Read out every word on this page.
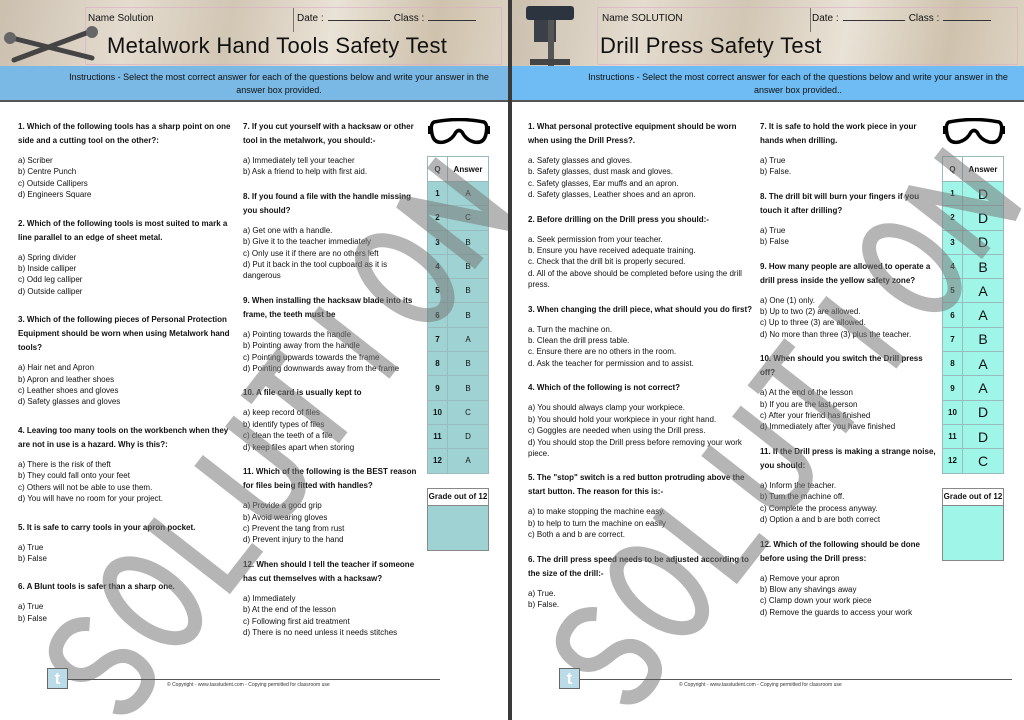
Name Solution	Date :	Class :
Metalwork Hand Tools Safety Test
Instructions - Select the most correct answer for each of the questions below and write your answer in the answer box provided.
1. Which of the following tools has a sharp point on one side and a cutting tool on the other?:
a) Scriber
b) Centre Punch
c) Outside Callipers
d) Engineers Square
2. Which of the following tools is most suited to mark a line parallel to an edge of sheet metal.
a) Spring divider
b) Inside calliper
c) Odd leg calliper
d) Outside calliper
3. Which of the following pieces of Personal Protection Equipment should be worn when using Metalwork hand tools?
a) Hair net and Apron
b) Apron and leather shoes
c) Leather shoes and gloves
d) Safety glasses and gloves
4. Leaving too many tools on the workbench when they are not in use is a hazard. Why is this?:
a) There is the risk of theft
b) They could fall onto your feet
c) Others will not be able to use them.
d) You will have no room for your project.
5. It is safe to carry tools in your apron pocket.
a) True
b) False
6. A Blunt tools is safer than a sharp one.
a) True
b) False
7. If you cut yourself with a hacksaw or other tool in the metalwork, you should:-
a) Immediately tell your teacher
b) Ask a friend to help with first aid.
8. If you found a file with the handle missing you should?
a) Get one with a handle.
b) Give it to the teacher immediately
c) Only use it if there are no others left
d) Put it back in the tool cupboard as it is dangerous
9. When installing the hacksaw blade into its frame, the teeth must be
a) Pointing towards the handle
b) Pointing away from the handle
c) Pointing upwards towards the frame
d) Pointing downwards away from the frame
10. A file card is usually kept to
a) keep record of files
b) identify types of files
c) clean the teeth of a file
d) keep files apart when storing
11. Which of the following is the BEST reason for files being fitted with handles?
a) Provide a good grip
b) Avoid wearing gloves
c) Prevent the tang from rust
d) Prevent injury to the hand
12. When should I tell the teacher if someone has cut themselves with a hacksaw?
a) Immediately
b) At the end of the lesson
c) Following first aid treatment
d) There is no need unless it needs stitches
Q	Answer
1	A
2	C
3	B
4	B
5	B
6	B
7	A
8	B
9	B
10	C
11	D
12	A
Grade out of 12
t	© Copyright - www.tasstudent.com - Copying permitted for classroom use
Name SOLUTION	Date :	Class :
Drill Press Safety Test
Instructions - Select the most correct answer for each of the questions below and write your answer in the answer box provided..
1. What personal protective equipment should be worn when using the Drill Press?.
a. Safety glasses and gloves.
b. Safety glasses, dust mask and gloves.
c. Safety glasses, Ear muffs and an apron.
d. Safety glasses, Leather shoes and an apron.
2. Before drilling on the Drill press you should:-
a. Seek permission from your teacher.
b. Ensure you have received adequate training.
c. Check that the drill bit is properly secured.
d. All of the above should be completed before using the drill press.
3. When changing the drill piece, what should you do first?
a. Turn the machine on.
b. Clean the drill press table.
c. Ensure there are no others in the room.
d. Ask the teacher for permission and to assist.
4. Which of the following is not correct?
a) You should always clamp your workpiece.
b) You should hold your workpiece in your right hand.
c) Goggles are needed when using the Drill press.
d) You should stop the Drill press before removing your work piece.
5. The "stop" switch is a red button protruding above the start button. The reason for this is:-
a) to make stopping the machine easy.
b) to help to turn the machine on easily
c) Both a and b are correct.
6. The drill press speed needs to be adjusted according to the size of the drill:-
a) True.
b) False.
7. It is safe to hold the work piece in your hands when drilling.
a) True
b) False.
8. The drill bit will burn your fingers if you touch it after drilling?
a) True
b) False
9. How many people are allowed to operate a drill press inside the yellow safety zone?
a) One (1) only.
b) Up to two (2) are allowed.
c) Up to three (3) are allowed.
d) No more than three (3) plus the teacher.
10. When should you switch the Drill press off?
a) At the end of the lesson
b) If you are the last person
c) After your friend has finished
d) Immediately after you have finished
11. If the Drill press is making a strange noise, you should:
a) Inform the teacher.
b) Turn the machine off.
c) Complete the process anyway.
d) Option a and b are both correct
12. Which of the following should be done before using the Drill press:
a) Remove your apron
b) Blow any shavings away
c) Clamp down your work piece
d) Remove the guards to access your work
Q	Answer
1	D
2	D
3	D
4	B
5	A
6	A
7	B
8	A
9	A
10	D
11	D
12	C
Grade out of 12
t	© Copyright - www.tasstudent.com - Copying permitted for classroom use
